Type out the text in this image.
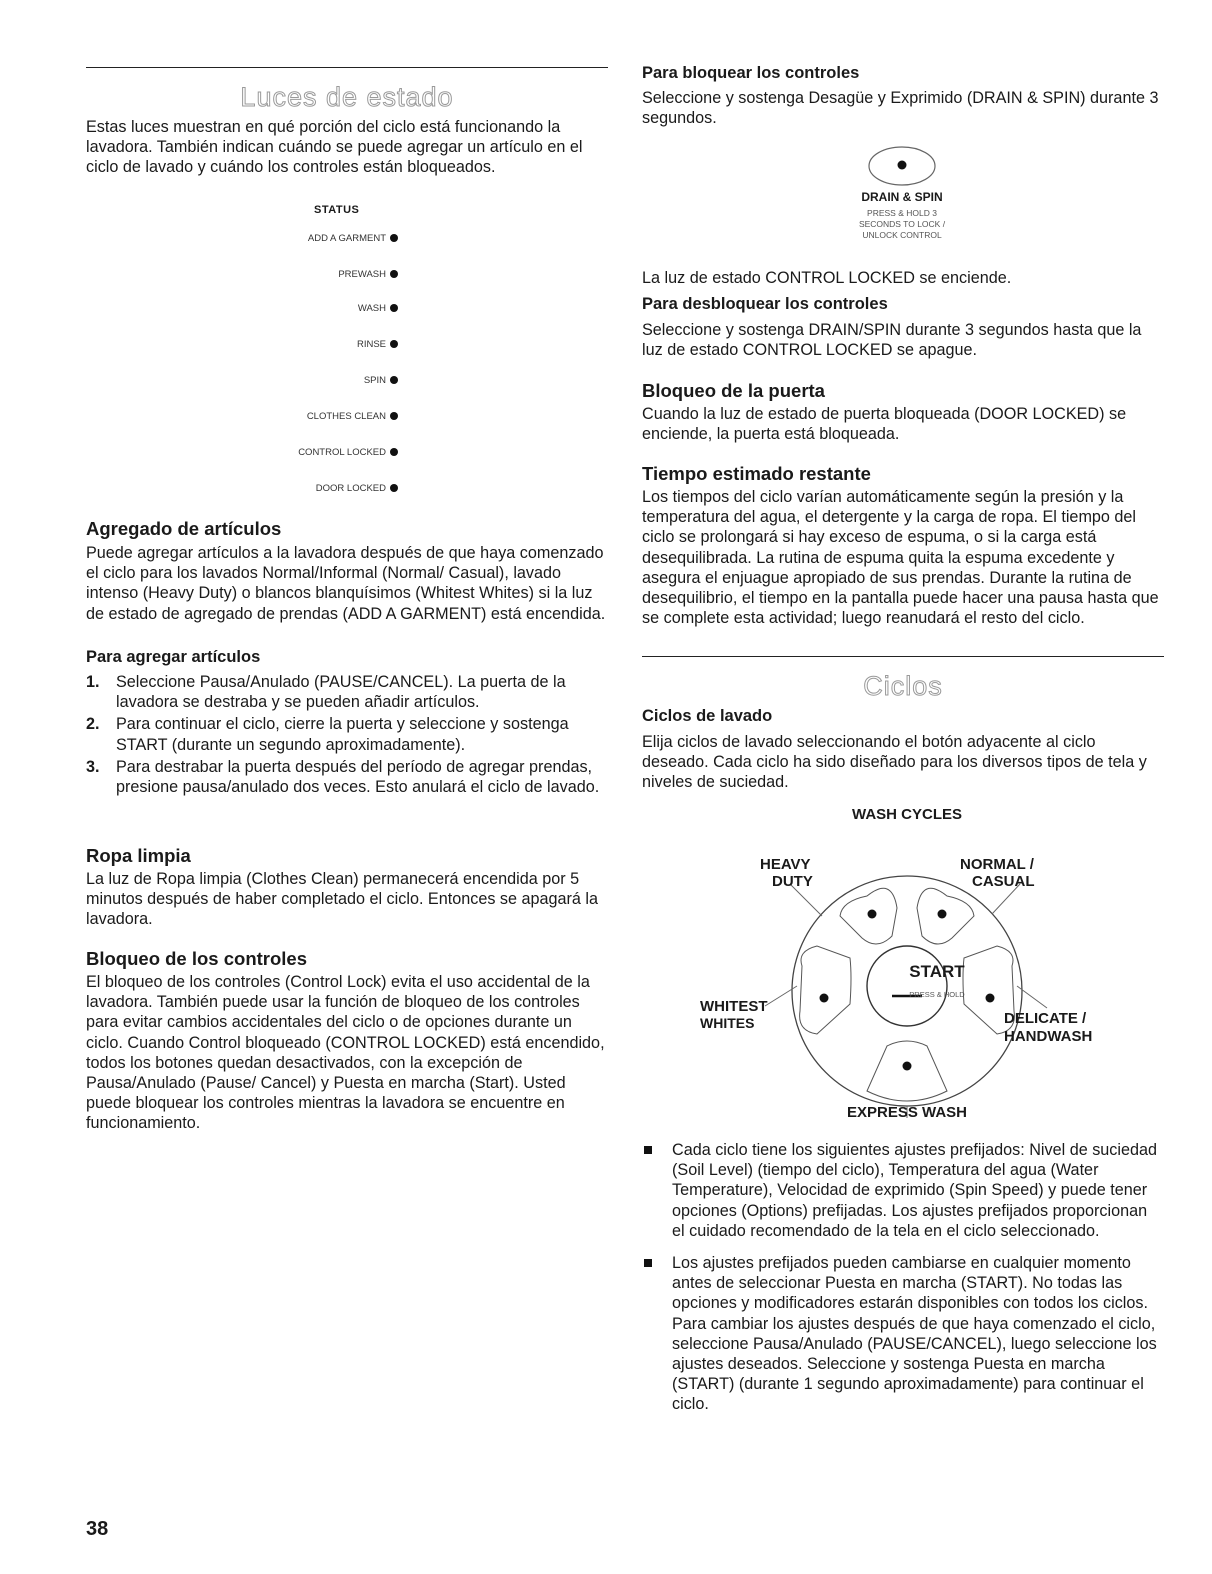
Luces de estado

Estas luces muestran en qué porción del ciclo está funcionando la lavadora. También indican cuándo se puede agregar un artículo en el ciclo de lavado y cuándo los controles están bloqueados.

STATUS
ADD A GARMENT
PREWASH
WASH
RINSE
SPIN
CLOTHES CLEAN
CONTROL LOCKED
DOOR LOCKED
Agregado de artículos

Puede agregar artículos a la lavadora después de que haya comenzado el ciclo para los lavados Normal/Informal (Normal/ Casual), lavado intenso (Heavy Duty) o blancos blanquísimos (Whitest Whites) si la luz de estado de agregado de prendas (ADD A GARMENT) está encendida.

Para agregar artículos
1. Seleccione Pausa/Anulado (PAUSE/CANCEL). La puerta de la lavadora se destraba y se pueden añadir artículos.
2. Para continuar el ciclo, cierre la puerta y seleccione y sostenga START (durante un segundo aproximadamente).
3. Para destrabar la puerta después del período de agregar prendas, presione pausa/anulado dos veces. Esto anulará el ciclo de lavado.
Ropa limpia

La luz de Ropa limpia (Clothes Clean) permanecerá encendida por 5 minutos después de haber completado el ciclo. Entonces se apagará la lavadora.

Bloqueo de los controles

El bloqueo de los controles (Control Lock) evita el uso accidental de la lavadora. También puede usar la función de bloqueo de los controles para evitar cambios accidentales del ciclo o de opciones durante un ciclo. Cuando Control bloqueado (CONTROL LOCKED) está encendido, todos los botones quedan desactivados, con la excepción de Pausa/Anulado (Pause/ Cancel) y Puesta en marcha (Start). Usted puede bloquear los controles mientras la lavadora se encuentre en funcionamiento.

Para bloquear los controles

Seleccione y sostenga Desagüe y Exprimido (DRAIN & SPIN) durante 3 segundos.

DRAIN & SPIN
PRESS & HOLD 3
SECONDS TO LOCK /
UNLOCK CONTROL

La luz de estado CONTROL LOCKED se enciende.

Para desbloquear los controles

Seleccione y sostenga DRAIN/SPIN durante 3 segundos hasta que la luz de estado CONTROL LOCKED se apague.

Bloqueo de la puerta

Cuando la luz de estado de puerta bloqueada (DOOR LOCKED) se enciende, la puerta está bloqueada.

Tiempo estimado restante

Los tiempos del ciclo varían automáticamente según la presión y la temperatura del agua, el detergente y la carga de ropa. El tiempo del ciclo se prolongará si hay exceso de espuma, o si la carga está desequilibrada. La rutina de espuma quita la espuma excedente y asegura el enjuague apropiado de sus prendas. Durante la rutina de desequilibrio, el tiempo en la pantalla puede hacer una pausa hasta que se complete esta actividad; luego reanudará el resto del ciclo.

Ciclos
Ciclos de lavado

Elija ciclos de lavado seleccionando el botón adyacente al ciclo deseado. Cada ciclo ha sido diseñado para los diversos tipos de tela y niveles de suciedad.

WASH CYCLES
START
PRESS & HOLD
HEAVY
DUTY
NORMAL /
CASUAL
WHITEST
WHITES	DELICATE /
HANDWASH
EXPRESS WASH
Cada ciclo tiene los siguientes ajustes prefijados: Nivel de suciedad (Soil Level) (tiempo del ciclo), Temperatura del agua (Water Temperature), Velocidad de exprimido (Spin Speed) y puede tener opciones (Options) prefijadas. Los ajustes prefijados proporcionan el cuidado recomendado de la tela en el ciclo seleccionado.
Los ajustes prefijados pueden cambiarse en cualquier momento antes de seleccionar Puesta en marcha (START). No todas las opciones y modificadores estarán disponibles con todos los ciclos. Para cambiar los ajustes después de que haya comenzado el ciclo, seleccione Pausa/Anulado (PAUSE/CANCEL), luego seleccione los ajustes deseados. Seleccione y sostenga Puesta en marcha (START) (durante 1 segundo aproximadamente) para continuar el ciclo.
38
